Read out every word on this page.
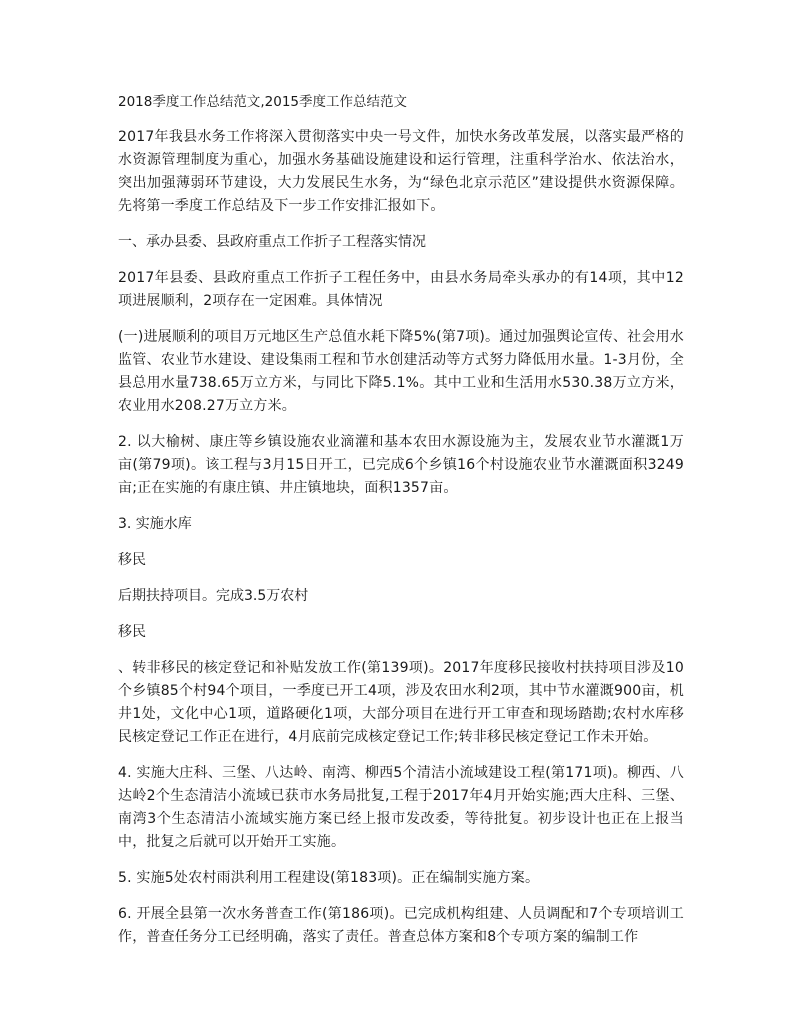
2018季度工作总结范文,2015季度工作总结范文
2017年我县水务工作将深入贯彻落实中央一号文件，加快水务改革发展，以落实最严格的水资源管理制度为重心，加强水务基础设施建设和运行管理，注重科学治水、依法治水，突出加强薄弱环节建设，大力发展民生水务，为“绿色北京示范区”建设提供水资源保障。先将第一季度工作总结及下一步工作安排汇报如下。
一、承办县委、县政府重点工作折子工程落实情况
2017年县委、县政府重点工作折子工程任务中，由县水务局牵头承办的有14项，其中12项进展顺利，2项存在一定困难。具体情况
(一)进展顺利的项目万元地区生产总值水耗下降5%(第7项)。通过加强舆论宣传、社会用水监管、农业节水建设、建设集雨工程和节水创建活动等方式努力降低用水量。1-3月份，全县总用水量738.65万立方米，与同比下降5.1%。其中工业和生活用水530.38万立方米，农业用水208.27万立方米。
2. 以大榆树、康庄等乡镇设施农业滴灌和基本农田水源设施为主，发展农业节水灌溉1万亩(第79项)。该工程与3月15日开工，已完成6个乡镇16个村设施农业节水灌溉面积3249亩;正在实施的有康庄镇、井庄镇地块，面积1357亩。
3. 实施水库
移民
后期扶持项目。完成3.5万农村
移民
、转非移民的核定登记和补贴发放工作(第139项)。2017年度移民接收村扶持项目涉及10个乡镇85个村94个项目，一季度已开工4项，涉及农田水利2项，其中节水灌溉900亩，机井1处，文化中心1项，道路硬化1项，大部分项目在进行开工审查和现场踏勘;农村水库移民核定登记工作正在进行，4月底前完成核定登记工作;转非移民核定登记工作未开始。
4. 实施大庄科、三堡、八达岭、南湾、柳西5个清洁小流域建设工程(第171项)。柳西、八达岭2个生态清洁小流域已获市水务局批复,工程于2017年4月开始实施;西大庄科、三堡、南湾3个生态清洁小流域实施方案已经上报市发改委，等待批复。初步设计也正在上报当中，批复之后就可以开始开工实施。
5. 实施5处农村雨洪利用工程建设(第183项)。正在编制实施方案。
6. 开展全县第一次水务普查工作(第186项)。已完成机构组建、人员调配和7个专项培训工作，普查任务分工已经明确，落实了责任。普查总体方案和8个专项方案的编制工作
